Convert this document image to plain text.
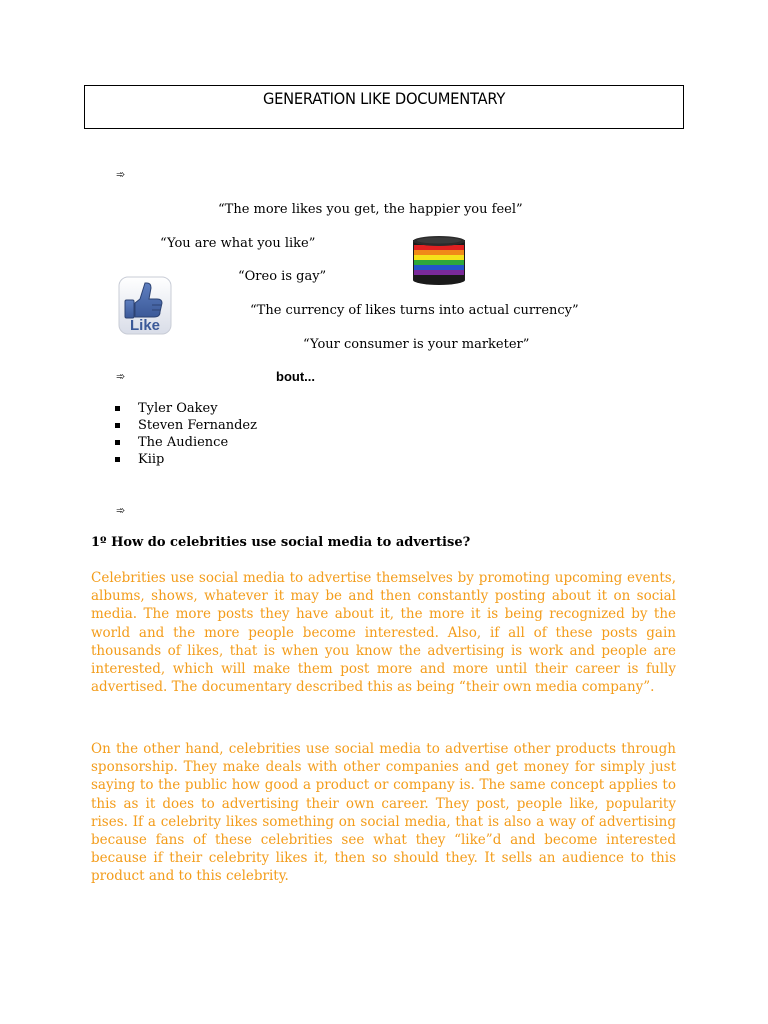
GENERATION LIKE DOCUMENTARY
➾
➾
➾
“The more likes you get, the happier you feel”
“You are what you like”
“Oreo is gay”
“The currency of likes turns into actual currency”
“Your consumer is your marketer”
Like
bout...
Tyler Oakey
Steven Fernandez
The Audience
Kiip
1º How do celebrities use social media to advertise?

Celebrities use social media to advertise themselves by promoting upcoming events, albums, shows, whatever it may be and then constantly posting about it on social media. The more posts they have about it, the more it is being recognized by the world and the more people become interested. Also, if all of these posts gain thousands of likes, that is when you know the advertising is work and people are interested, which will make them post more and more until their career is fully advertised. The documentary described this as being “their own media company”.

On the other hand, celebrities use social media to advertise other products through sponsorship. They make deals with other companies and get money for simply just saying to the public how good a product or company is. The same concept applies to this as it does to advertising their own career. They post, people like, popularity rises. If a celebrity likes something on social media, that is also a way of advertising because fans of these celebrities see what they “like”d and become interested because if their celebrity likes it, then so should they. It sells an audience to this product and to this celebrity.
